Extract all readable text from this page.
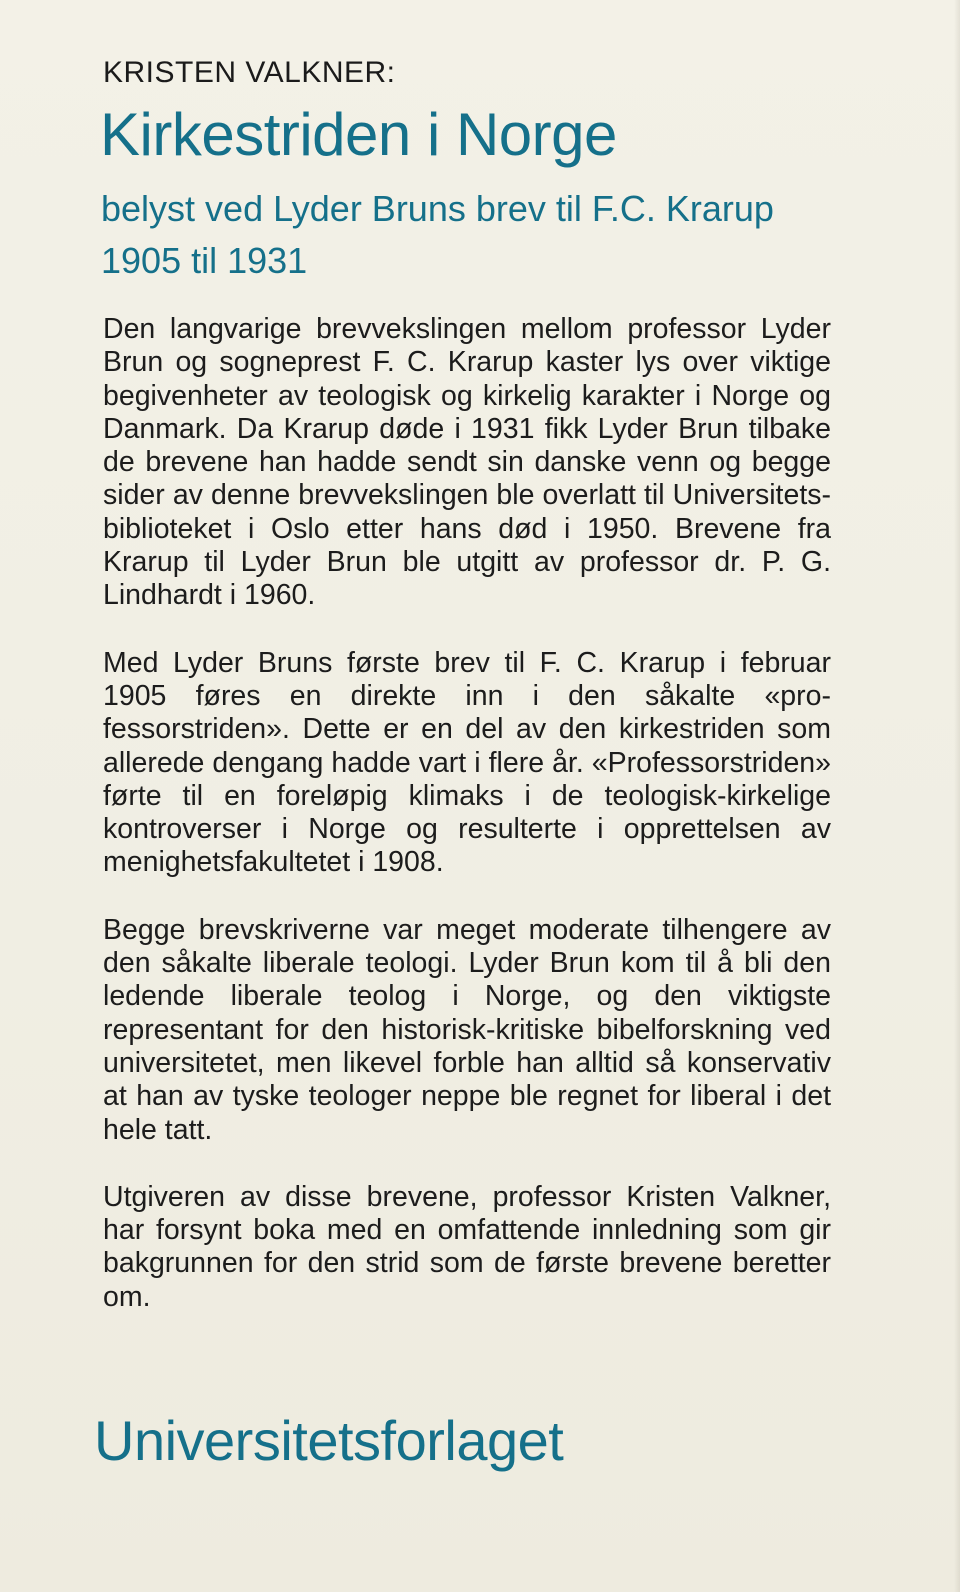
KRISTEN VALKNER:
Kirkestriden i Norge
belyst ved Lyder Bruns brev til F.C. Krarup 1905 til 1931

Den langvarige brevvekslingen mellom professor Lyder Brun og sogneprest F. C. Krarup kaster lys over viktige begivenheter av teologisk og kirkelig karakter i Norge og Danmark. Da Krarup døde i 1931 fikk Lyder Brun tilbake de brevene han hadde sendt sin danske venn og begge sider av denne brevvekslingen ble overlatt til Universitetsbiblioteket i Oslo etter hans død i 1950. Brevene fra Krarup til Lyder Brun ble utgitt av professor dr. P. G. Lindhardt i 1960.

Med Lyder Bruns første brev til F. C. Krarup i februar 1905 føres en direkte inn i den såkalte «professorstriden». Dette er en del av den kirkestriden som allerede dengang hadde vart i flere år. «Professorstriden» førte til en foreløpig klimaks i de teologisk-kirkelige kontroverser i Norge og resulterte i opprettelsen av menighetsfakultetet i 1908.

Begge brevskriverne var meget moderate tilhengere av den såkalte liberale teologi. Lyder Brun kom til å bli den ledende liberale teolog i Norge, og den viktigste representant for den historisk-kritiske bibelforskning ved universitetet, men likevel forble han alltid så konservativ at han av tyske teologer neppe ble regnet for liberal i det hele tatt.

Utgiveren av disse brevene, professor Kristen Valkner, har forsynt boka med en omfattende innledning som gir bakgrunnen for den strid som de første brevene beretter om.

Universitetsforlaget
